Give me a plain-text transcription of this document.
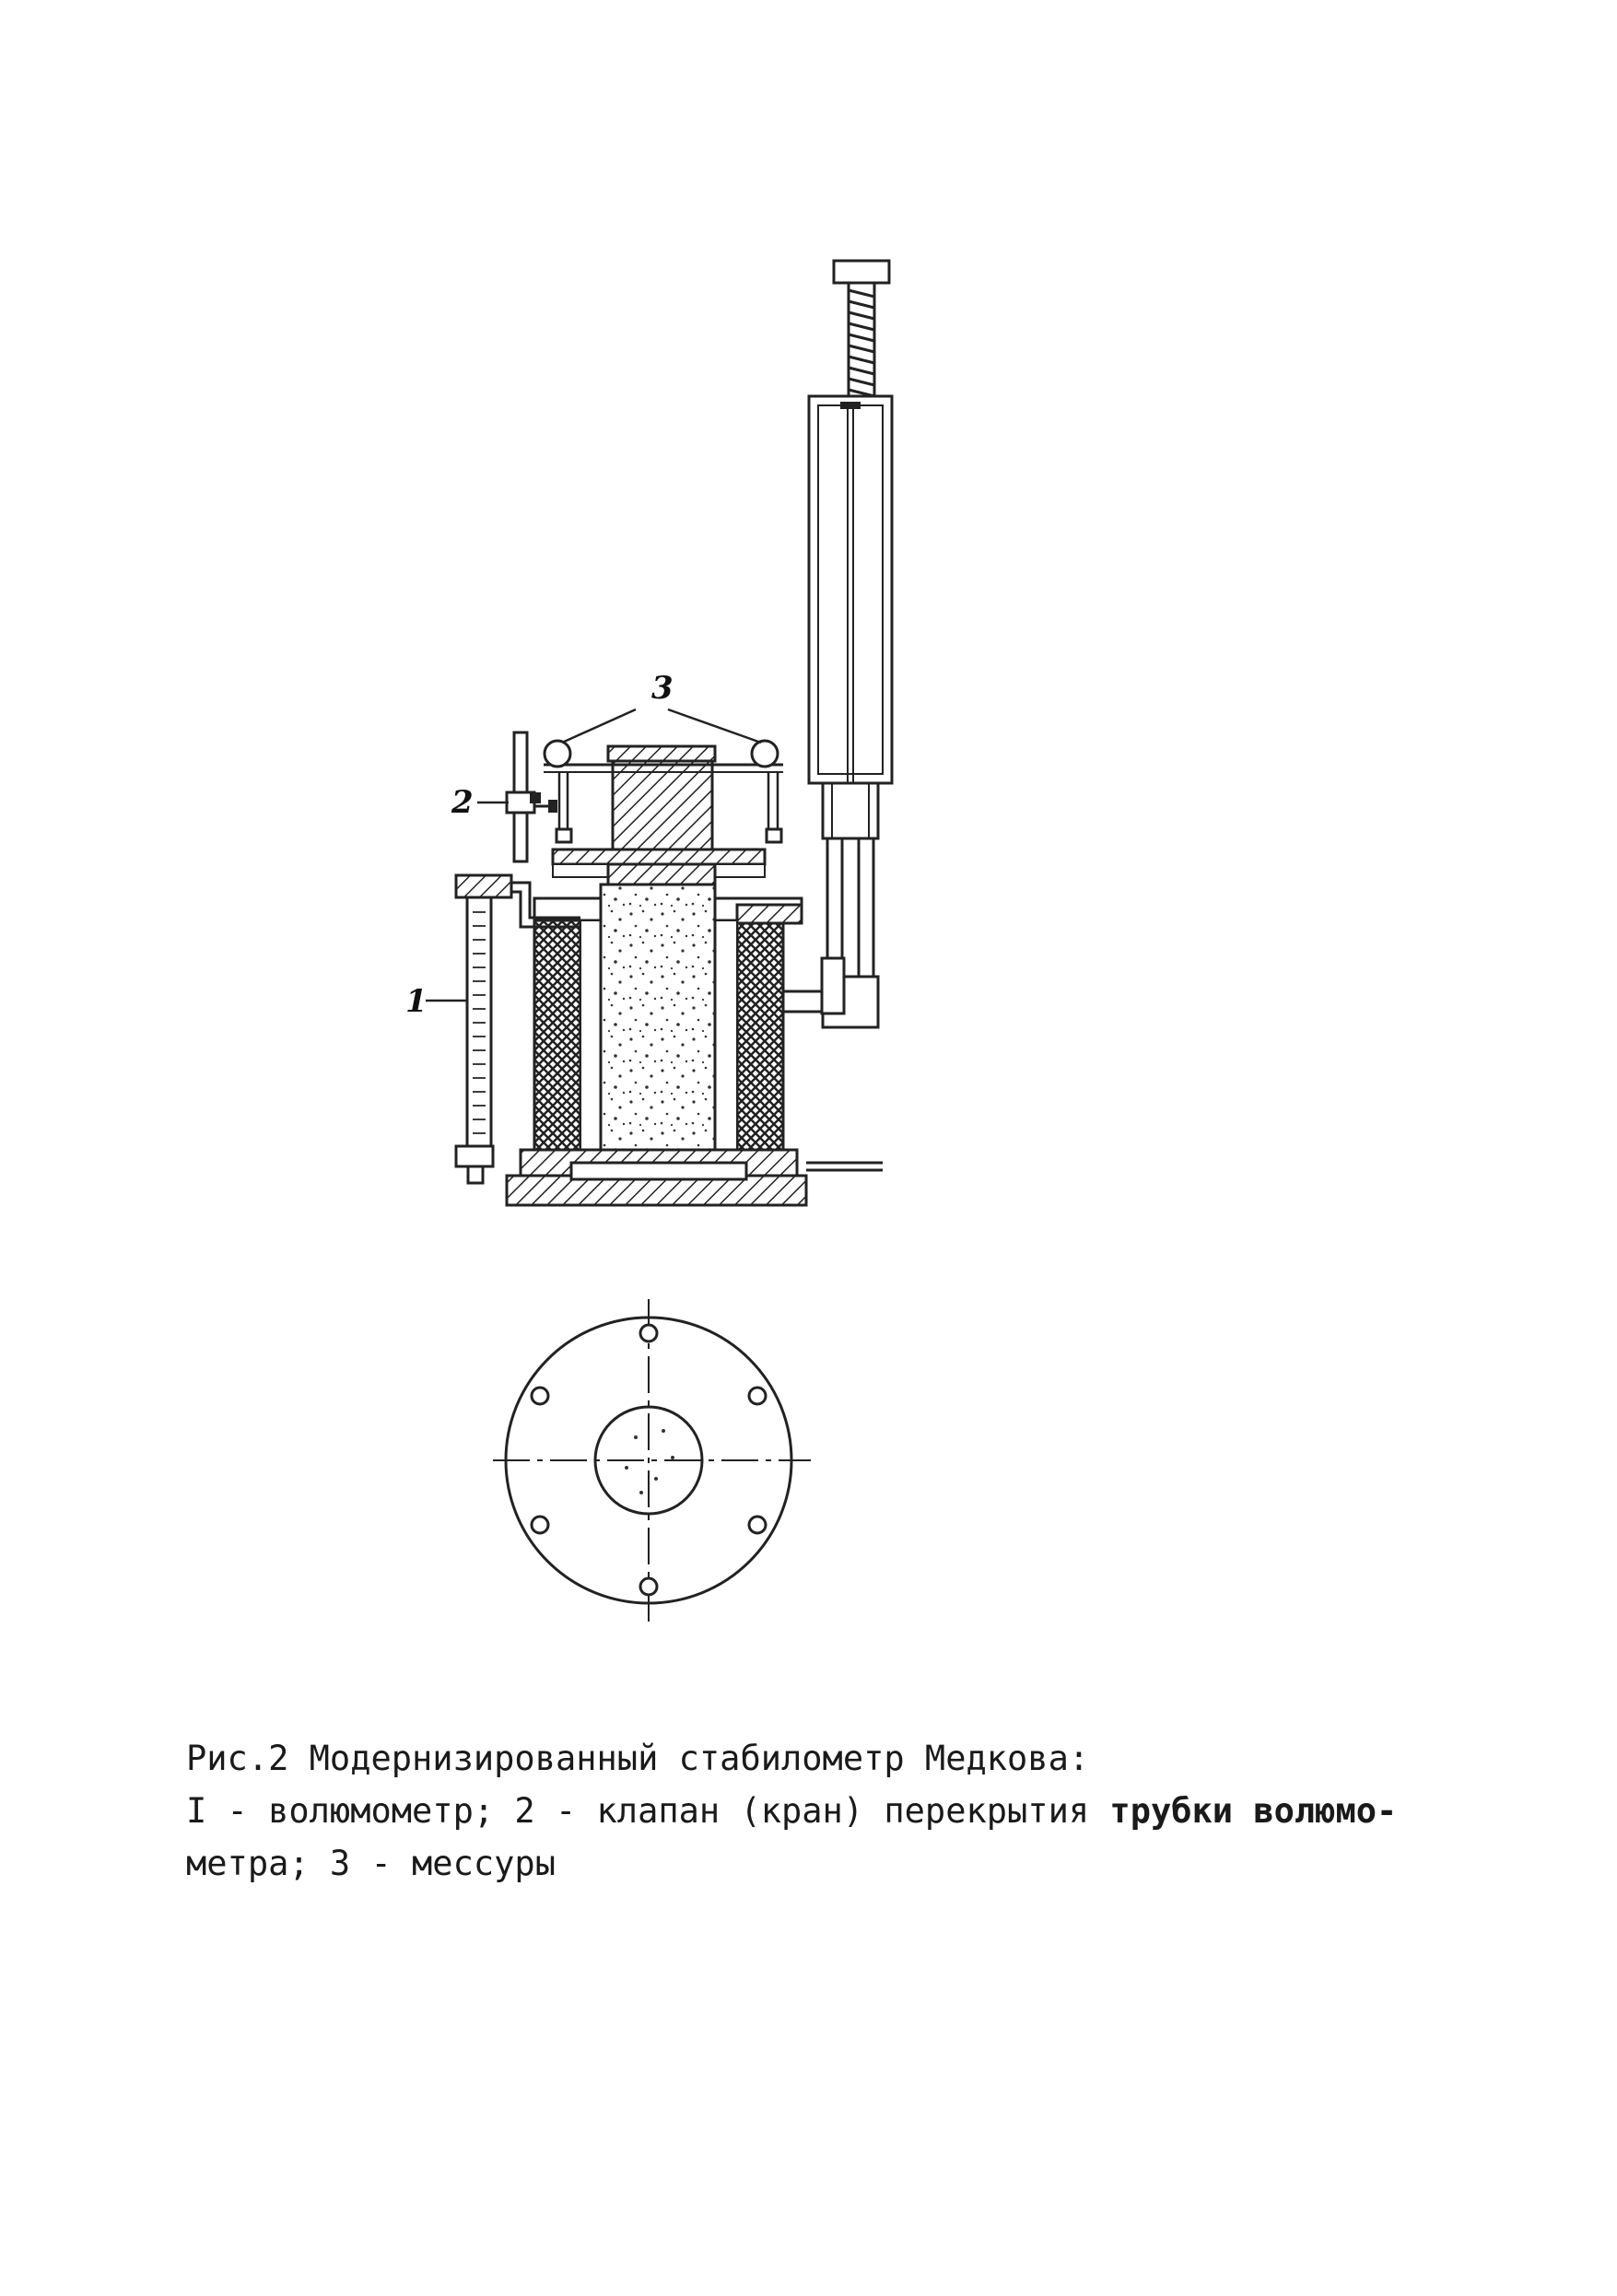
3
2
1
Рис.2 Модернизированный стабилометр Медкова:
I - волюмометр; 2 - клапан (кран) перекрытия трубки волюмо-
метра; 3 - мессуры
